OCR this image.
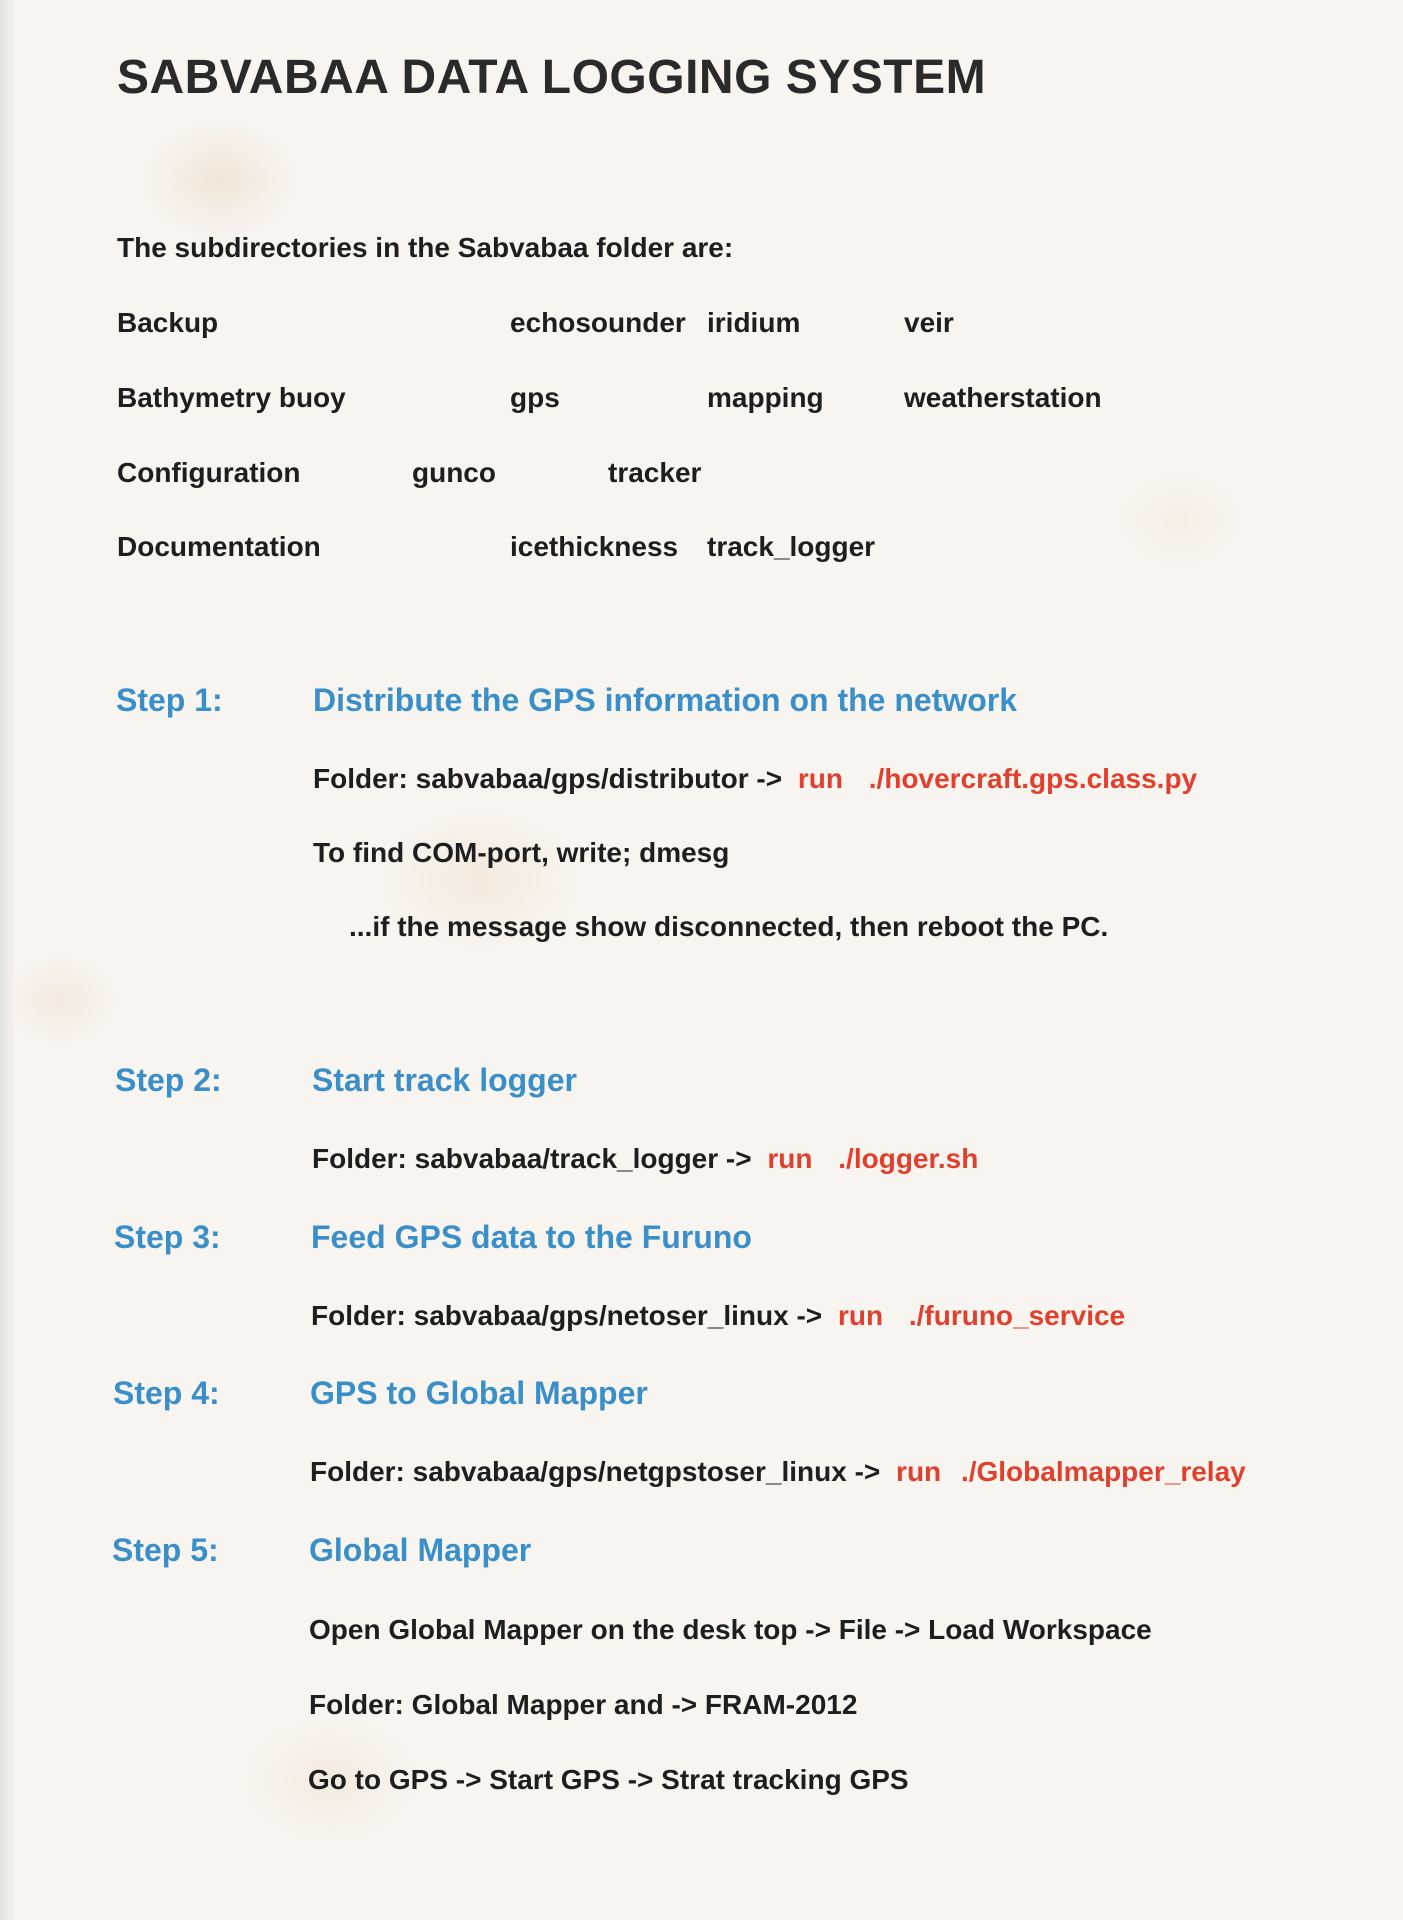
SABVABAA DATA LOGGING SYSTEM
The subdirectories in the Sabvabaa folder are:
Backup	echosounder iridium	veir
Bathymetry buoy	gps	mapping	weatherstation
Configuration	gunco	tracker
Documentation	icethickness track_logger
Step 1:	Distribute the GPS information on the network
Folder: sabvabaa/gps/distributor -> run ./hovercraft.gps.class.py
To find COM-port, write; dmesg
...if the message show disconnected, then reboot the PC.
Step 2:	Start track logger
Folder: sabvabaa/track_logger -> run ./logger.sh
Step 3:	Feed GPS data to the Furuno
Folder: sabvabaa/gps/netoser_linux -> run ./furuno_service
Step 4:	GPS to Global Mapper
Folder: sabvabaa/gps/netgpstoser_linux -> run ./Globalmapper_relay
Step 5:	Global Mapper
Open Global Mapper on the desk top -> File -> Load Workspace
Folder: Global Mapper and -> FRAM-2012
Go to GPS -> Start GPS -> Strat tracking GPS
